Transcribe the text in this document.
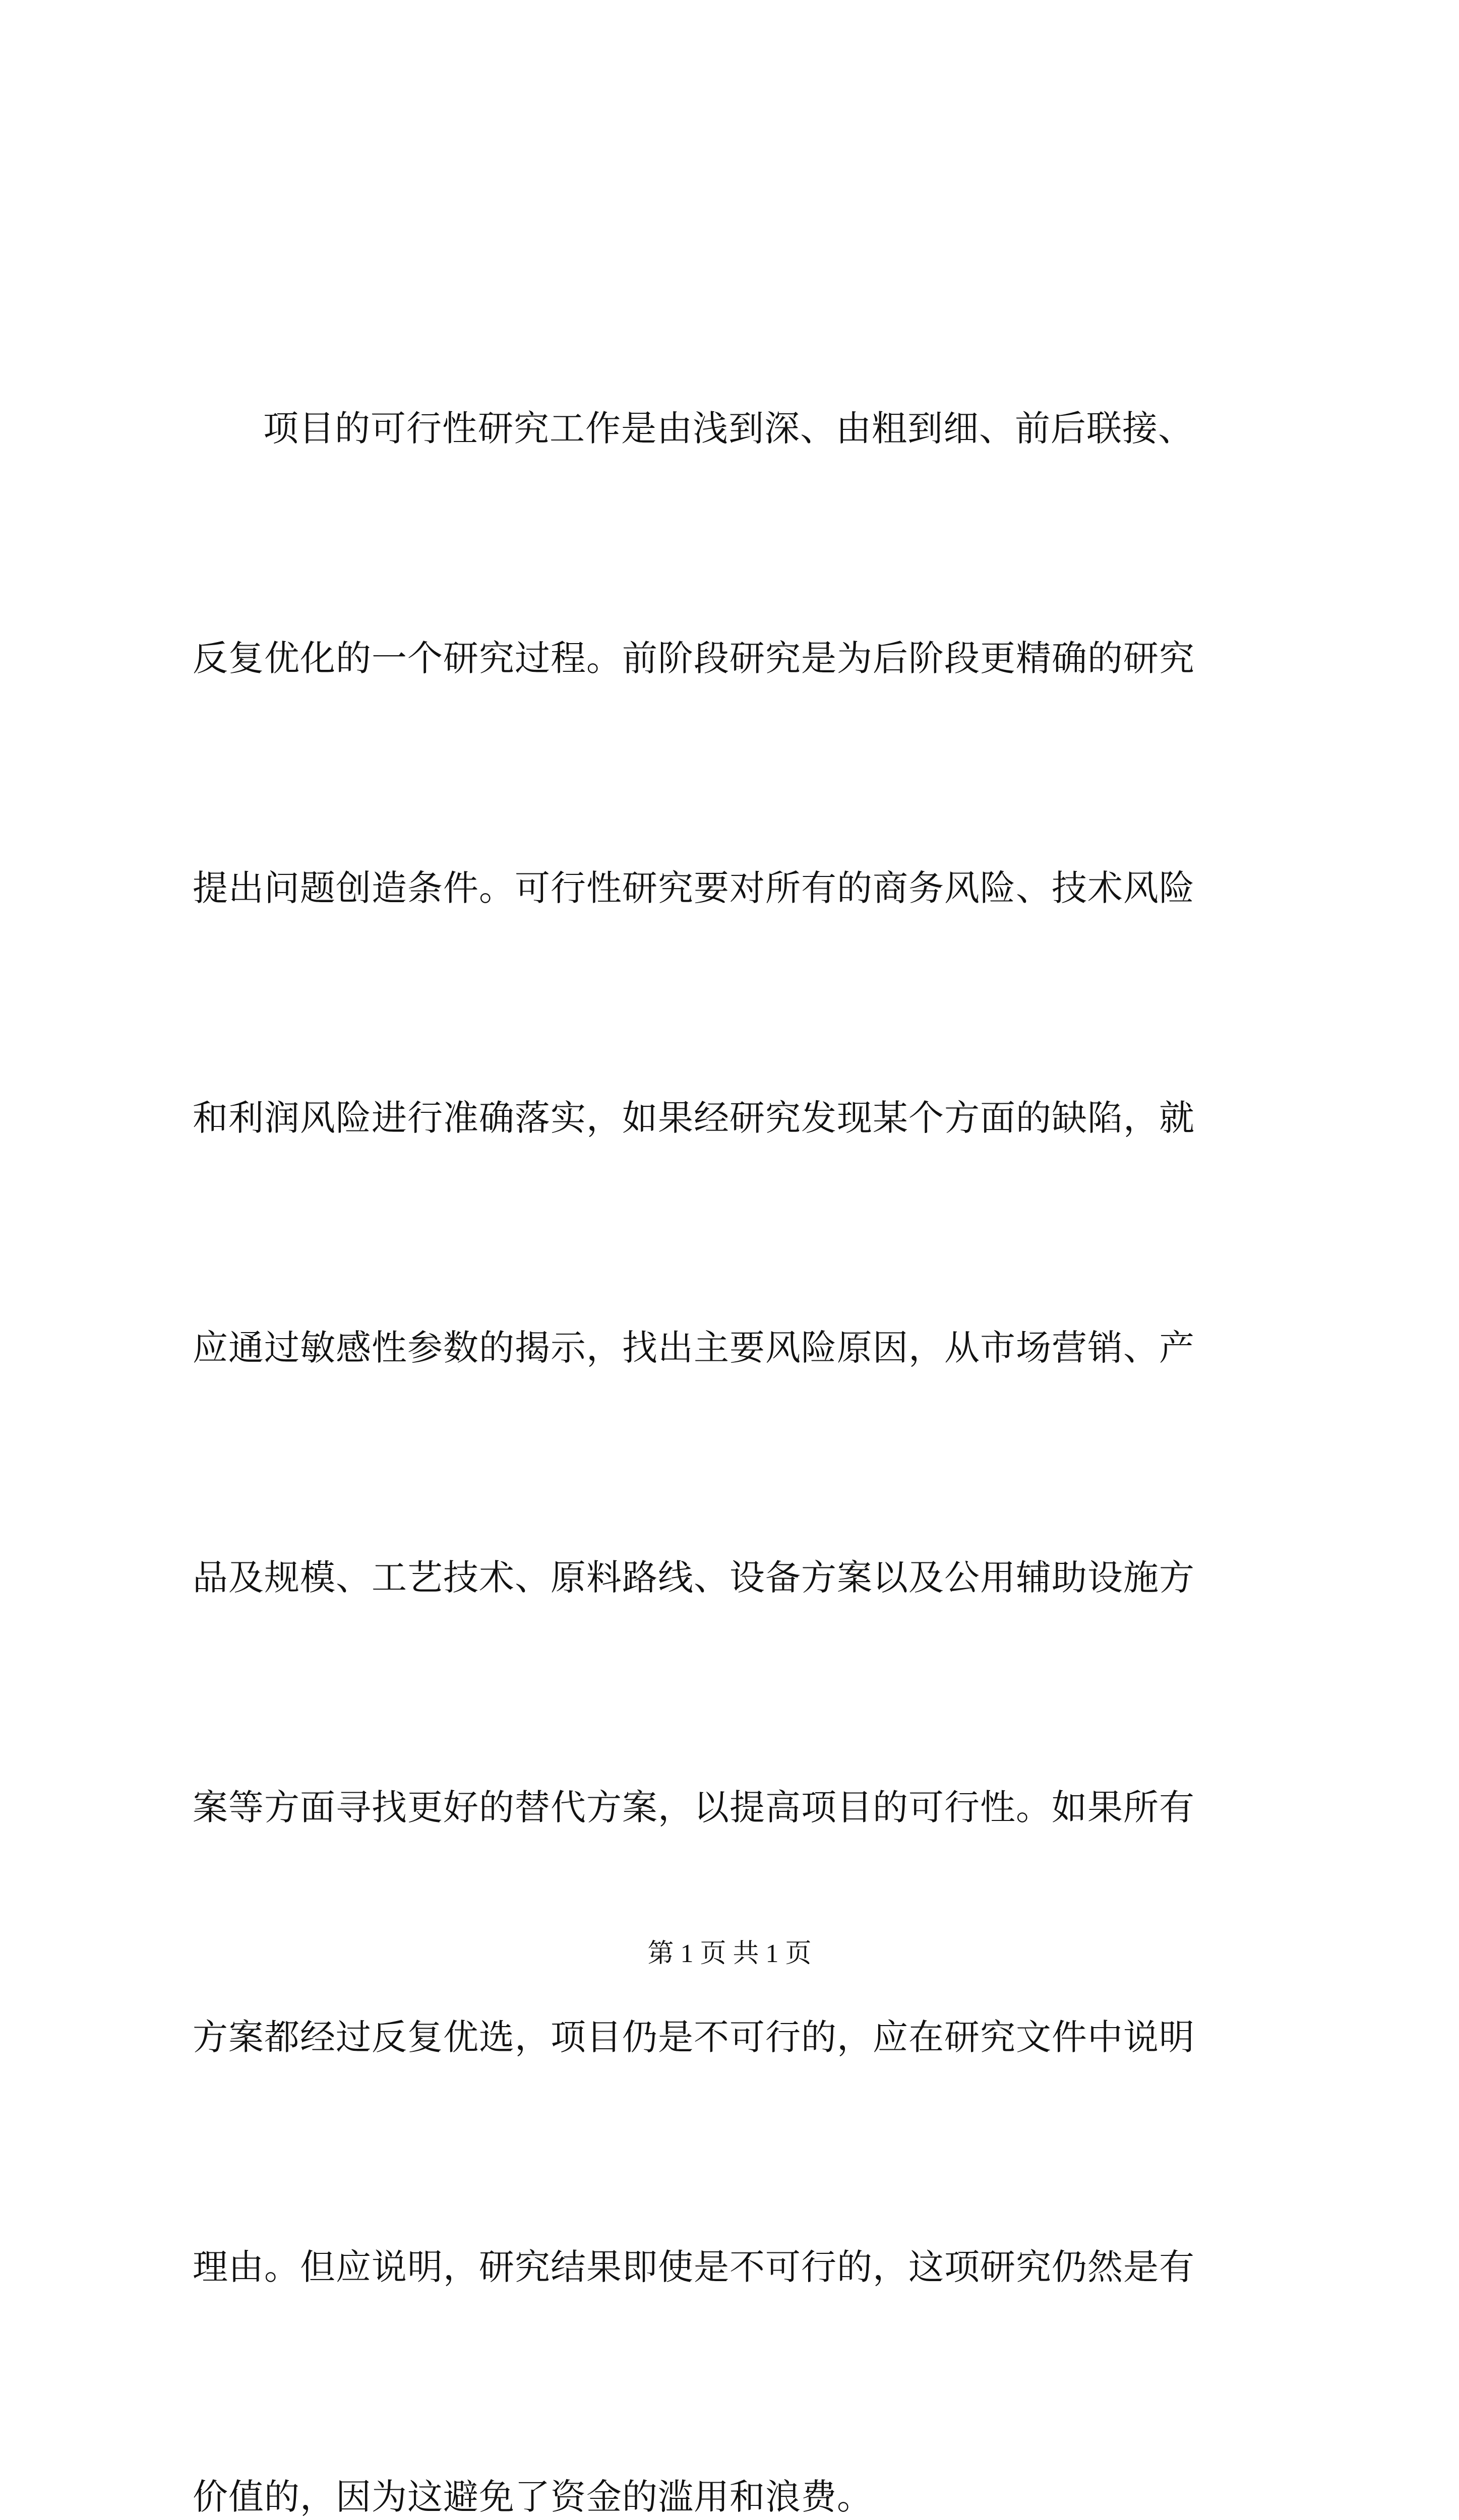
项目的可行性研究工作是由浅到深、由粗到细、前后联接、

反复优化的一个研究过程。前阶段研究是为后阶段更精确的研究

提出问题创造条件。可行性研究要对所有的商务风险、技术风险

和利润风险进行准确落实，如果经研究发现某个方面的缺陷，就

应通过敏感性参数的揭示，找出主要风险原因，从市场营销、产

品及规模、工艺技术、原料路线、设备方案以及公用辅助设施方

案等方面寻找更好的替代方案，以提高项目的可行性。如果所有

方案都经过反复优选，项目仍是不可行的，应在研究文件中说明

理由。但应说明，研究结果即使是不可行的，这项研究仍然是有

价值的，因为这避免了资金的滥用和浪费。

第 1 页 共 1 页
